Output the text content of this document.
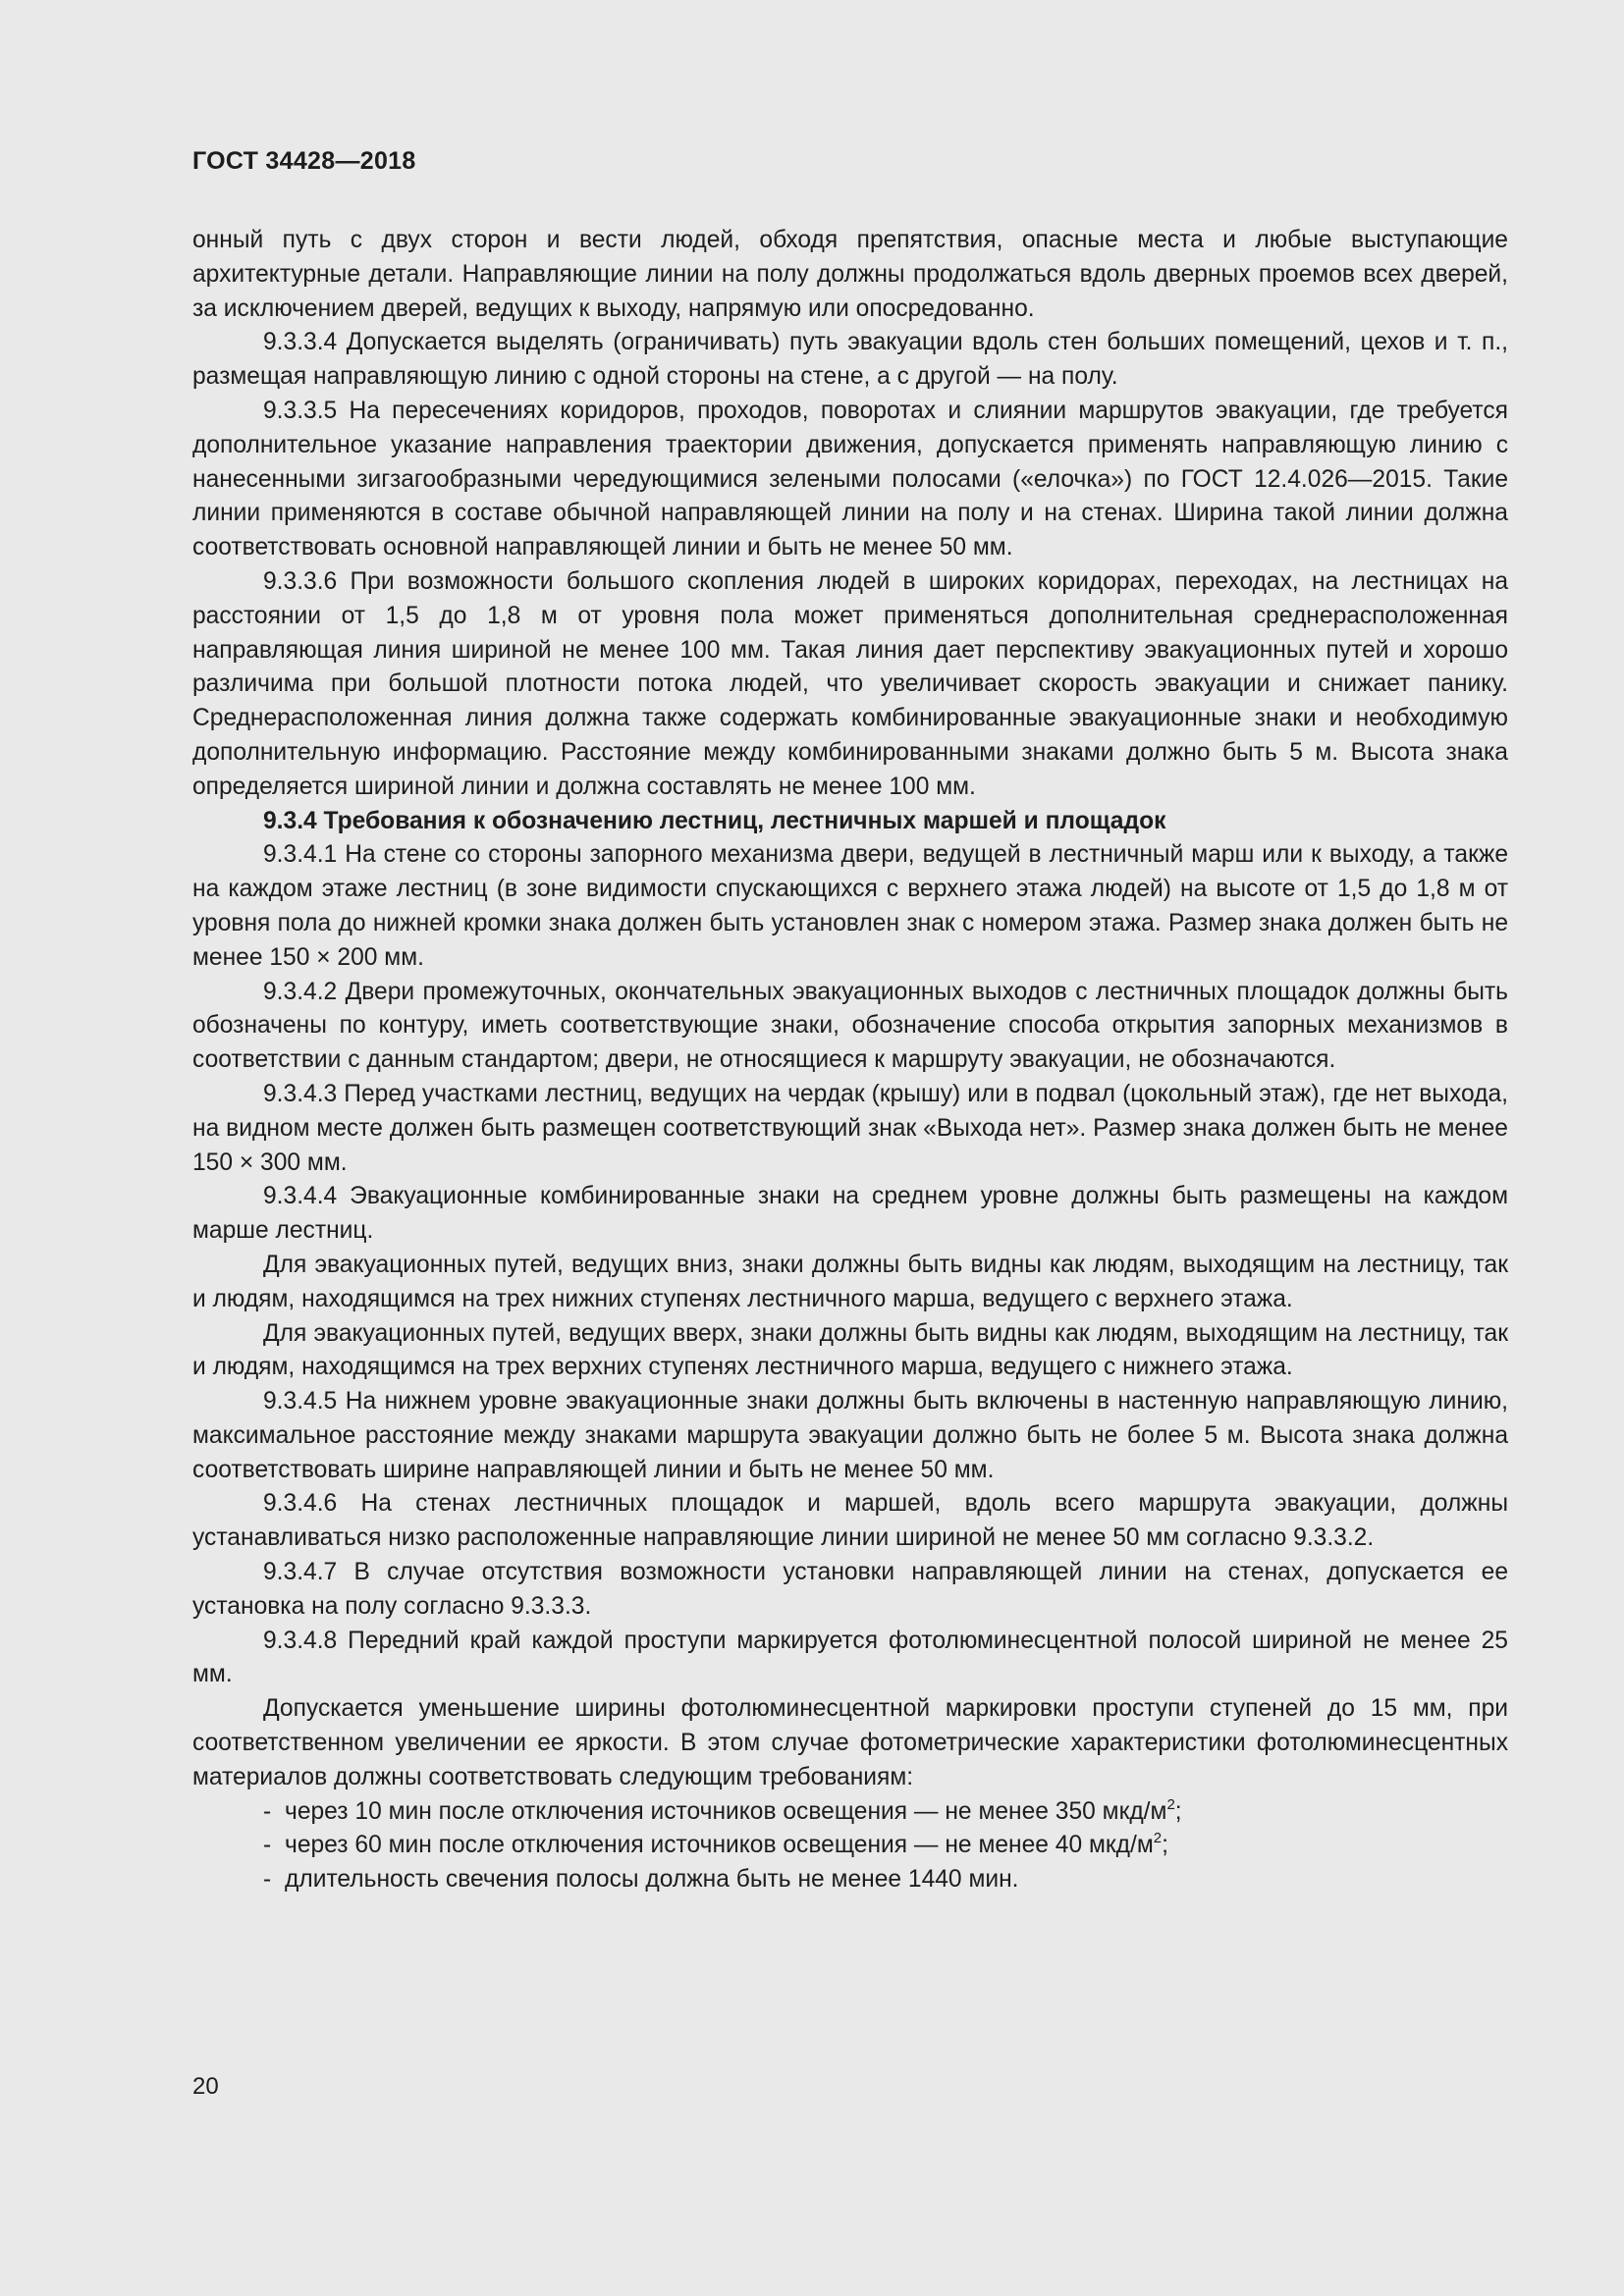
ГОСТ 34428—2018

онный путь с двух сторон и вести людей, обходя препятствия, опасные места и любые выступающие архитектурные детали. Направляющие линии на полу должны продолжаться вдоль дверных проемов всех дверей, за исключением дверей, ведущих к выходу, напрямую или опосредованно.

9.3.3.4 Допускается выделять (ограничивать) путь эвакуации вдоль стен больших помещений, цехов и т. п., размещая направляющую линию с одной стороны на стене, а с другой — на полу.

9.3.3.5 На пересечениях коридоров, проходов, поворотах и слиянии маршрутов эвакуации, где требуется дополнительное указание направления траектории движения, допускается применять направляющую линию с нанесенными зигзагообразными чередующимися зелеными полосами («елочка») по ГОСТ 12.4.026—2015. Такие линии применяются в составе обычной направляющей линии на полу и на стенах. Ширина такой линии должна соответствовать основной направляющей линии и быть не менее 50 мм.

9.3.3.6 При возможности большого скопления людей в широких коридорах, переходах, на лестницах на расстоянии от 1,5 до 1,8 м от уровня пола может применяться дополнительная среднерасположенная направляющая линия шириной не менее 100 мм. Такая линия дает перспективу эвакуационных путей и хорошо различима при большой плотности потока людей, что увеличивает скорость эвакуации и снижает панику. Среднерасположенная линия должна также содержать комбинированные эвакуационные знаки и необходимую дополнительную информацию. Расстояние между комбинированными знаками должно быть 5 м. Высота знака определяется шириной линии и должна составлять не менее 100 мм.

9.3.4 Требования к обозначению лестниц, лестничных маршей и площадок

9.3.4.1 На стене со стороны запорного механизма двери, ведущей в лестничный марш или к выходу, а также на каждом этаже лестниц (в зоне видимости спускающихся с верхнего этажа людей) на высоте от 1,5 до 1,8 м от уровня пола до нижней кромки знака должен быть установлен знак с номером этажа. Размер знака должен быть не менее 150 × 200 мм.

9.3.4.2 Двери промежуточных, окончательных эвакуационных выходов с лестничных площадок должны быть обозначены по контуру, иметь соответствующие знаки, обозначение способа открытия запорных механизмов в соответствии с данным стандартом; двери, не относящиеся к маршруту эвакуации, не обозначаются.

9.3.4.3 Перед участками лестниц, ведущих на чердак (крышу) или в подвал (цокольный этаж), где нет выхода, на видном месте должен быть размещен соответствующий знак «Выхода нет». Размер знака должен быть не менее 150 × 300 мм.

9.3.4.4 Эвакуационные комбинированные знаки на среднем уровне должны быть размещены на каждом марше лестниц.

Для эвакуационных путей, ведущих вниз, знаки должны быть видны как людям, выходящим на лестницу, так и людям, находящимся на трех нижних ступенях лестничного марша, ведущего с верхнего этажа.

Для эвакуационных путей, ведущих вверх, знаки должны быть видны как людям, выходящим на лестницу, так и людям, находящимся на трех верхних ступенях лестничного марша, ведущего с нижнего этажа.

9.3.4.5 На нижнем уровне эвакуационные знаки должны быть включены в настенную направляющую линию, максимальное расстояние между знаками маршрута эвакуации должно быть не более 5 м. Высота знака должна соответствовать ширине направляющей линии и быть не менее 50 мм.

9.3.4.6 На стенах лестничных площадок и маршей, вдоль всего маршрута эвакуации, должны устанавливаться низко расположенные направляющие линии шириной не менее 50 мм согласно 9.3.3.2.

9.3.4.7 В случае отсутствия возможности установки направляющей линии на стенах, допускается ее установка на полу согласно 9.3.3.3.

9.3.4.8 Передний край каждой проступи маркируется фотолюминесцентной полосой шириной не менее 25 мм.

Допускается уменьшение ширины фотолюминесцентной маркировки проступи ступеней до 15 мм, при соответственном увеличении ее яркости. В этом случае фотометрические характеристики фотолюминесцентных материалов должны соответствовать следующим требованиям:

- через 10 мин после отключения источников освещения — не менее 350 мкд/$м^2$;
- через 60 мин после отключения источников освещения — не менее 40 мкд/$м^2$;
- длительность свечения полосы должна быть не менее 1440 мин.
20
